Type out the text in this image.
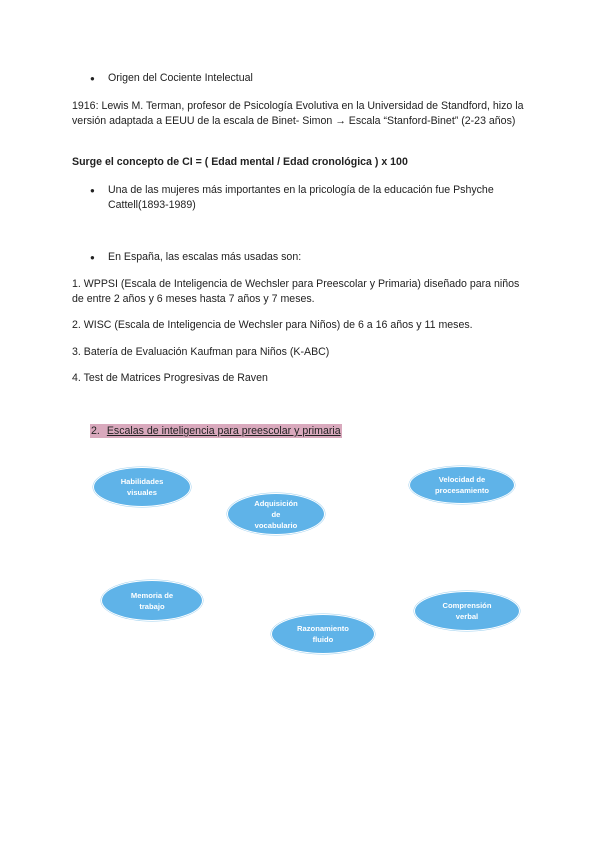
● Origen del Cociente Intelectual
1916: Lewis M. Terman, profesor de Psicología Evolutiva en la Universidad de Standford, hizo la versión adaptada a EEUU de la escala de Binet- Simon → Escala “Stanford-Binet” (2-23 años)
Surge el concepto de CI = ( Edad mental / Edad cronológica ) x 100
● Una de las mujeres más importantes en la pricología de la educación fue Pshyche Cattell(1893-1989)
● En España, las escalas más usadas son:
1. WPPSI (Escala de Inteligencia de Wechsler para Preescolar y Primaria) diseñado para niños de entre 2 años y 6 meses hasta 7 años y 7 meses.
2. WISC (Escala de Inteligencia de Wechsler para Niños) de 6 a 16 años y 11 meses.
3. Batería de Evaluación Kaufman para Niños (K-ABC)
4. Test de Matrices Progresivas de Raven
2. Escalas de inteligencia para preescolar y primaria
Habilidades
visuales
Adquisición
de
vocabulario
Velocidad de
procesamiento
Memoria de
trabajo	Comprensión
verbal
Razonamiento
fluido
